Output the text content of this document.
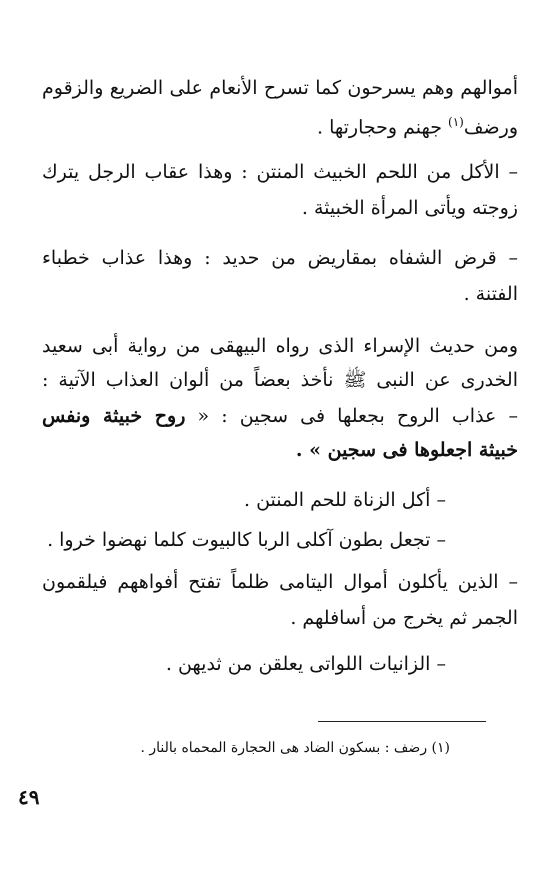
أموالهم وهم يسرحون كما تسرح الأنعام على الضريع والزقوم
ورضف$^{(١)}$ جهنم وحجارتها .
– الأكل من اللحم الخبيث المنتن : وهذا عقاب الرجل يترك
زوجته ويأتى المرأة الخبيثة .
– قرض الشفاه بمقاريض من حديد : وهذا عذاب خطباء
الفتنة .
ومن حديث الإسراء الذى رواه البيهقى من رواية أبى سعيد
الخدرى عن النبى ﷺ نأخذ بعضاً من ألوان العذاب الآتية :
– عذاب الروح بجعلها فى سجين : « روح خبيثة ونفس
خبيثة اجعلوها فى سجين » .
– أكل الزناة للحم المنتن .
– تجعل بطون آكلى الربا كالبيوت كلما نهضوا خروا .
– الذين يأكلون أموال اليتامى ظلماً تفتح أفواههم فيلقمون
الجمر ثم يخرج من أسافلهم .
– الزانيات اللواتى يعلقن من ثديهن .
(١) رضف : بسكون الضاد هى الحجارة المحماه بالنار .
٤٩
